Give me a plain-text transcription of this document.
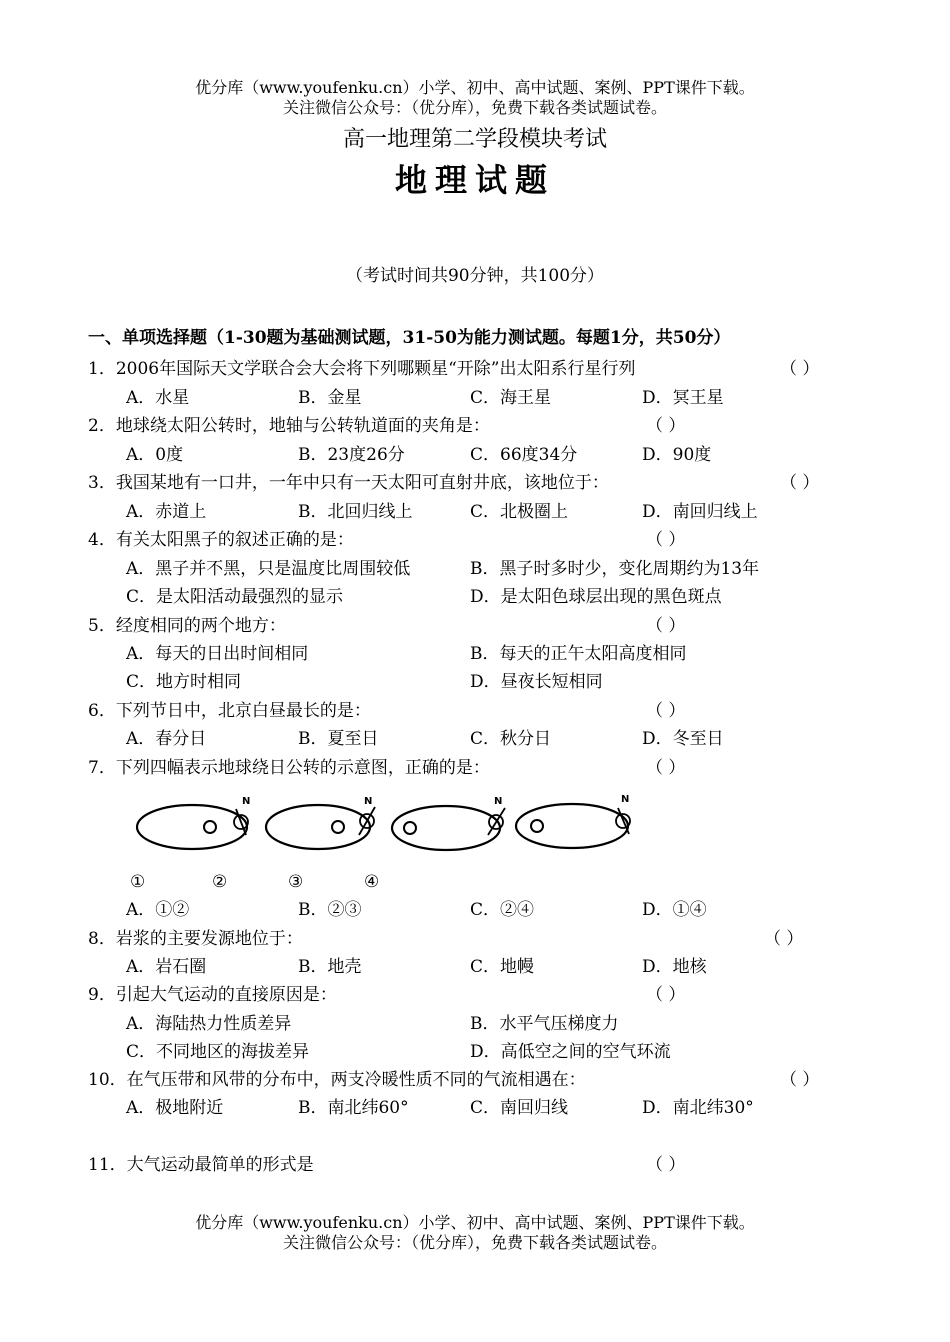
优分库（www.youfenku.cn）小学、初中、高中试题、案例、PPT课件下载。
关注微信公众号：（优分库），免费下载各类试题试卷。
高一地理第二学段模块考试
地理试题
（考试时间共90分钟，共100分）
一、单项选择题（1-30题为基础测试题，31-50为能力测试题。每题1分，共50分）
1．2006年国际天文学联合会大会将下列哪颗星“开除”出太阳系行星行列	（ ）
A．水星	B．金星	C．海王星	D．冥王星
2．地球绕太阳公转时，地轴与公转轨道面的夹角是：	（ ）
A．0度	B．23度26分	C．66度34分	D．90度
3．我国某地有一口井，一年中只有一天太阳可直射井底，该地位于：	（ ）
A．赤道上	B．北回归线上	C．北极圈上	D．南回归线上
4．有关太阳黑子的叙述正确的是：	（ ）
A．黑子并不黑，只是温度比周围较低	B．黑子时多时少，变化周期约为13年
C．是太阳活动最强烈的显示	D．是太阳色球层出现的黑色斑点
5．经度相同的两个地方：	（ ）
A．每天的日出时间相同	B．每天的正午太阳高度相同
C．地方时相同	D．昼夜长短相同
6．下列节日中，北京白昼最长的是：	（ ）
A．春分日	B．夏至日	C．秋分日	D．冬至日
7．下列四幅表示地球绕日公转的示意图，正确的是：	（ ）
N	N	N	N
①	②	③	④
A．①②	B．②③	C．②④	D．①④
8．岩浆的主要发源地位于：	（ ）
A．岩石圈	B．地壳	C．地幔	D．地核
9．引起大气运动的直接原因是：	（ ）
A．海陆热力性质差异	B．水平气压梯度力
C．不同地区的海拔差异	D．高低空之间的空气环流
10．在气压带和风带的分布中，两支冷暖性质不同的气流相遇在：	（ ）
A．极地附近	B．南北纬60°	C．南回归线	D．南北纬30°
11．大气运动最简单的形式是	（ ）
优分库（www.youfenku.cn）小学、初中、高中试题、案例、PPT课件下载。
关注微信公众号：（优分库），免费下载各类试题试卷。
